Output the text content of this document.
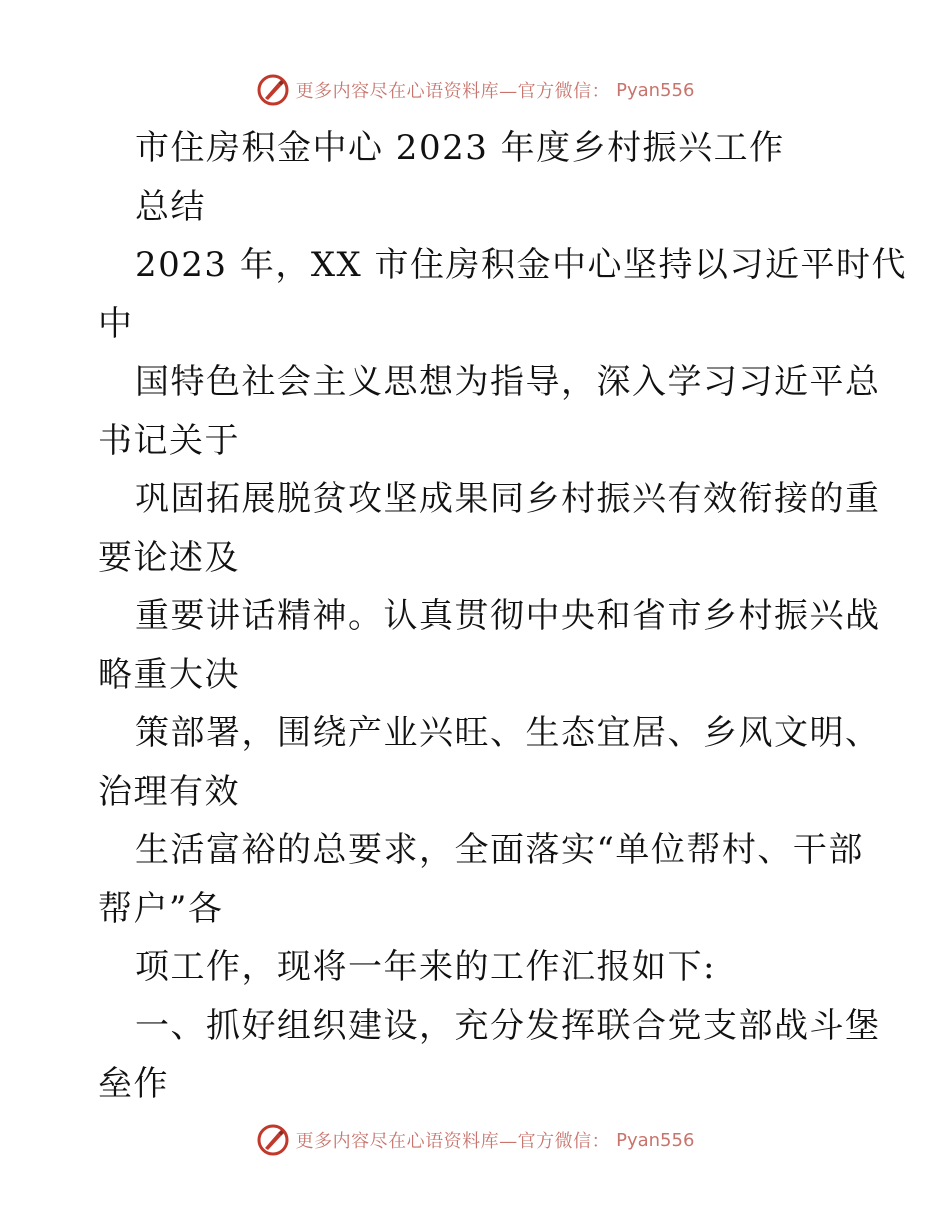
更多内容尽在心语资料库—官方微信： Pyan556
市住房积金中心 2023 年度乡村振兴工作
总结
2023 年，XX 市住房积金中心坚持以习近平时代
中
国特色社会主义思想为指导，深入学习习近平总
书记关于
巩固拓展脱贫攻坚成果同乡村振兴有效衔接的重
要论述及
重要讲话精神。认真贯彻中央和省市乡村振兴战
略重大决
策部署，围绕产业兴旺、生态宜居、乡风文明、
治理有效
生活富裕的总要求，全面落实“单位帮村、干部
帮户”各
项工作，现将一年来的工作汇报如下:
一、抓好组织建设，充分发挥联合党支部战斗堡
垒作
更多内容尽在心语资料库—官方微信： Pyan556
